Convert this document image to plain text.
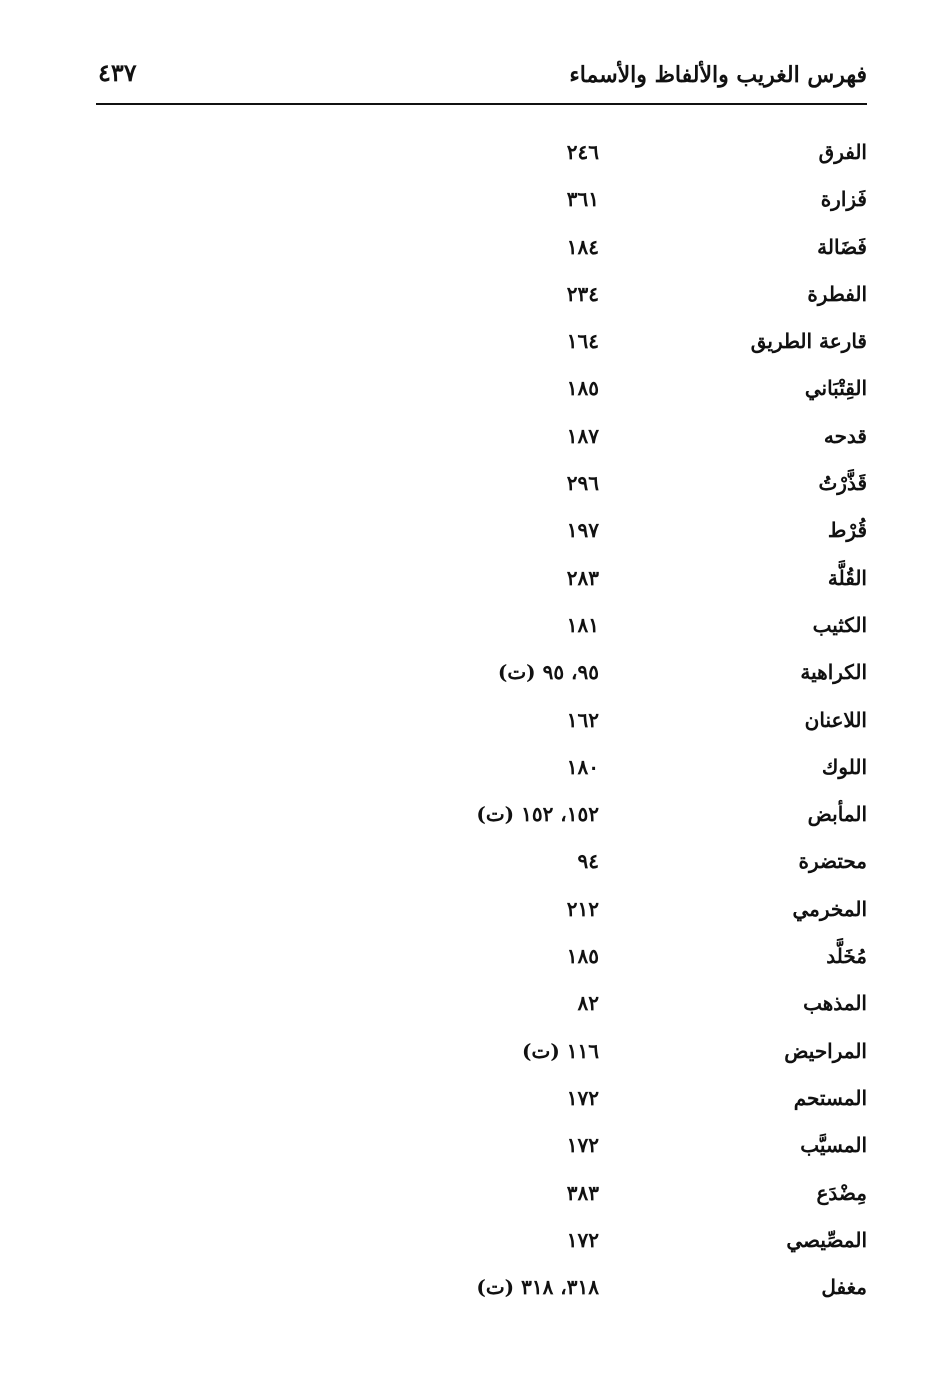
فهرس الغريب والألفاظ والأسماء
٤٣٧
الفرق
٢٤٦
فَزارة
٣٦١
فَضَالة
١٨٤
الفطرة
٢٣٤
قارعة الطريق
١٦٤
القِتْبَاني
١٨٥
قدحه
١٨٧
قَذَّرْتُ
٢٩٦
قُرْط
١٩٧
القُلَّة
٢٨٣
الكثيب
١٨١
الكراهية
٩٥، ٩٥ (ت)
اللاعنان
١٦٢
اللوك
١٨٠
المأبض
١٥٢، ١٥٢ (ت)
محتضرة
٩٤
المخرمي
٢١٢
مُخَلَّد
١٨٥
المذهب
٨٢
المراحيض
١١٦ (ت)
المستحم
١٧٢
المسيَّب
١٧٢
مِضْدَع
٣٨٣
المصِّيصي
١٧٢
مغفل
٣١٨، ٣١٨ (ت)
